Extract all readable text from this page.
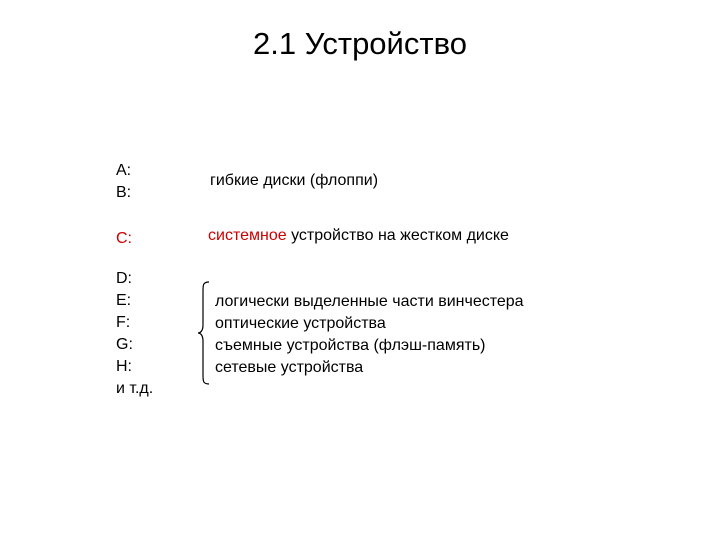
2.1 Устройство
A:
B:
гибкие диски (флоппи)
C:	системное устройство на жестком диске
D:
E:
F:
G:
H:
и т.д.
логически выделенные части винчестера
оптические устройства
съемные устройства (флэш-память)
сетевые устройства
